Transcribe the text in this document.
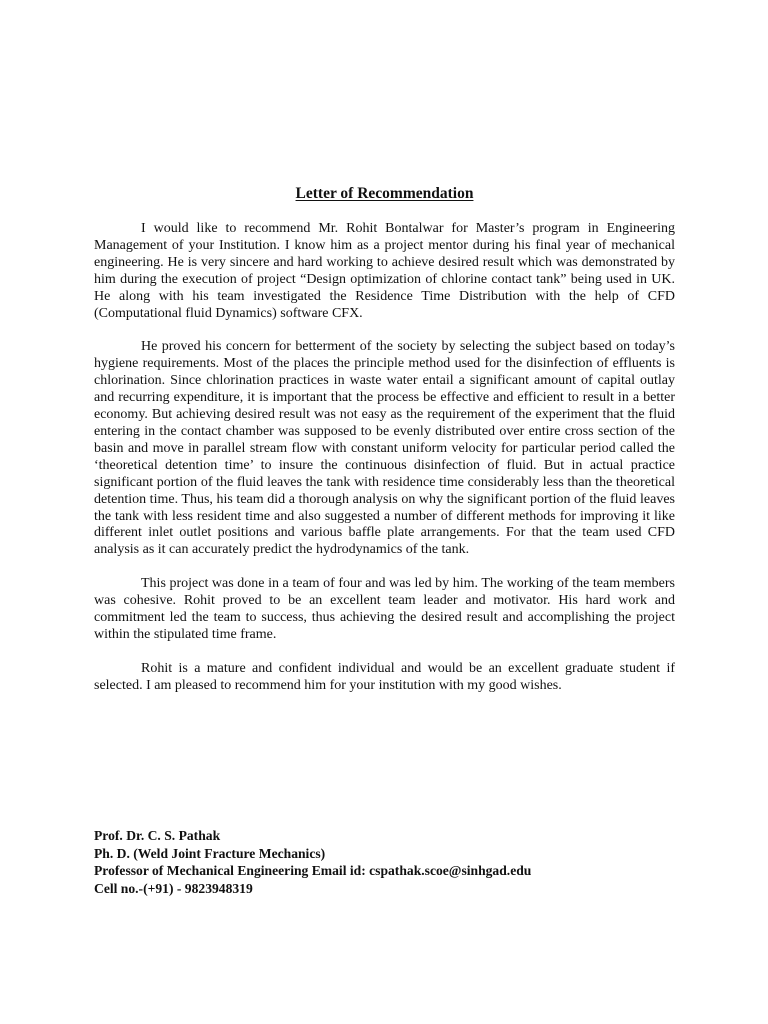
Letter of Recommendation

I would like to recommend Mr. Rohit Bontalwar for Master’s program in Engineering Management of your Institution. I know him as a project mentor during his final year of mechanical engineering. He is very sincere and hard working to achieve desired result which was demonstrated by him during the execution of project “Design optimization of chlorine contact tank” being used in UK. He along with his team investigated the Residence Time Distribution with the help of CFD (Computational fluid Dynamics) software CFX.

He proved his concern for betterment of the society by selecting the subject based on today’s hygiene requirements. Most of the places the principle method used for the disinfection of effluents is chlorination. Since chlorination practices in waste water entail a significant amount of capital outlay and recurring expenditure, it is important that the process be effective and efficient to result in a better economy. But achieving desired result was not easy as the requirement of the experiment that the fluid entering in the contact chamber was supposed to be evenly distributed over entire cross section of the basin and move in parallel stream flow with constant uniform velocity for particular period called the ‘theoretical detention time’ to insure the continuous disinfection of fluid. But in actual practice significant portion of the fluid leaves the tank with residence time considerably less than the theoretical detention time. Thus, his team did a thorough analysis on why the significant portion of the fluid leaves the tank with less resident time and also suggested a number of different methods for improving it like different inlet outlet positions and various baffle plate arrangements. For that the team used CFD analysis as it can accurately predict the hydrodynamics of the tank.

This project was done in a team of four and was led by him. The working of the team members was cohesive. Rohit proved to be an excellent team leader and motivator. His hard work and commitment led the team to success, thus achieving the desired result and accomplishing the project within the stipulated time frame.

Rohit is a mature and confident individual and would be an excellent graduate student if selected. I am pleased to recommend him for your institution with my good wishes.

Prof. Dr. C. S. Pathak
Ph. D. (Weld Joint Fracture Mechanics)
Professor of Mechanical Engineering Email id: cspathak.scoe@sinhgad.edu
Cell no.-(+91) - 9823948319
